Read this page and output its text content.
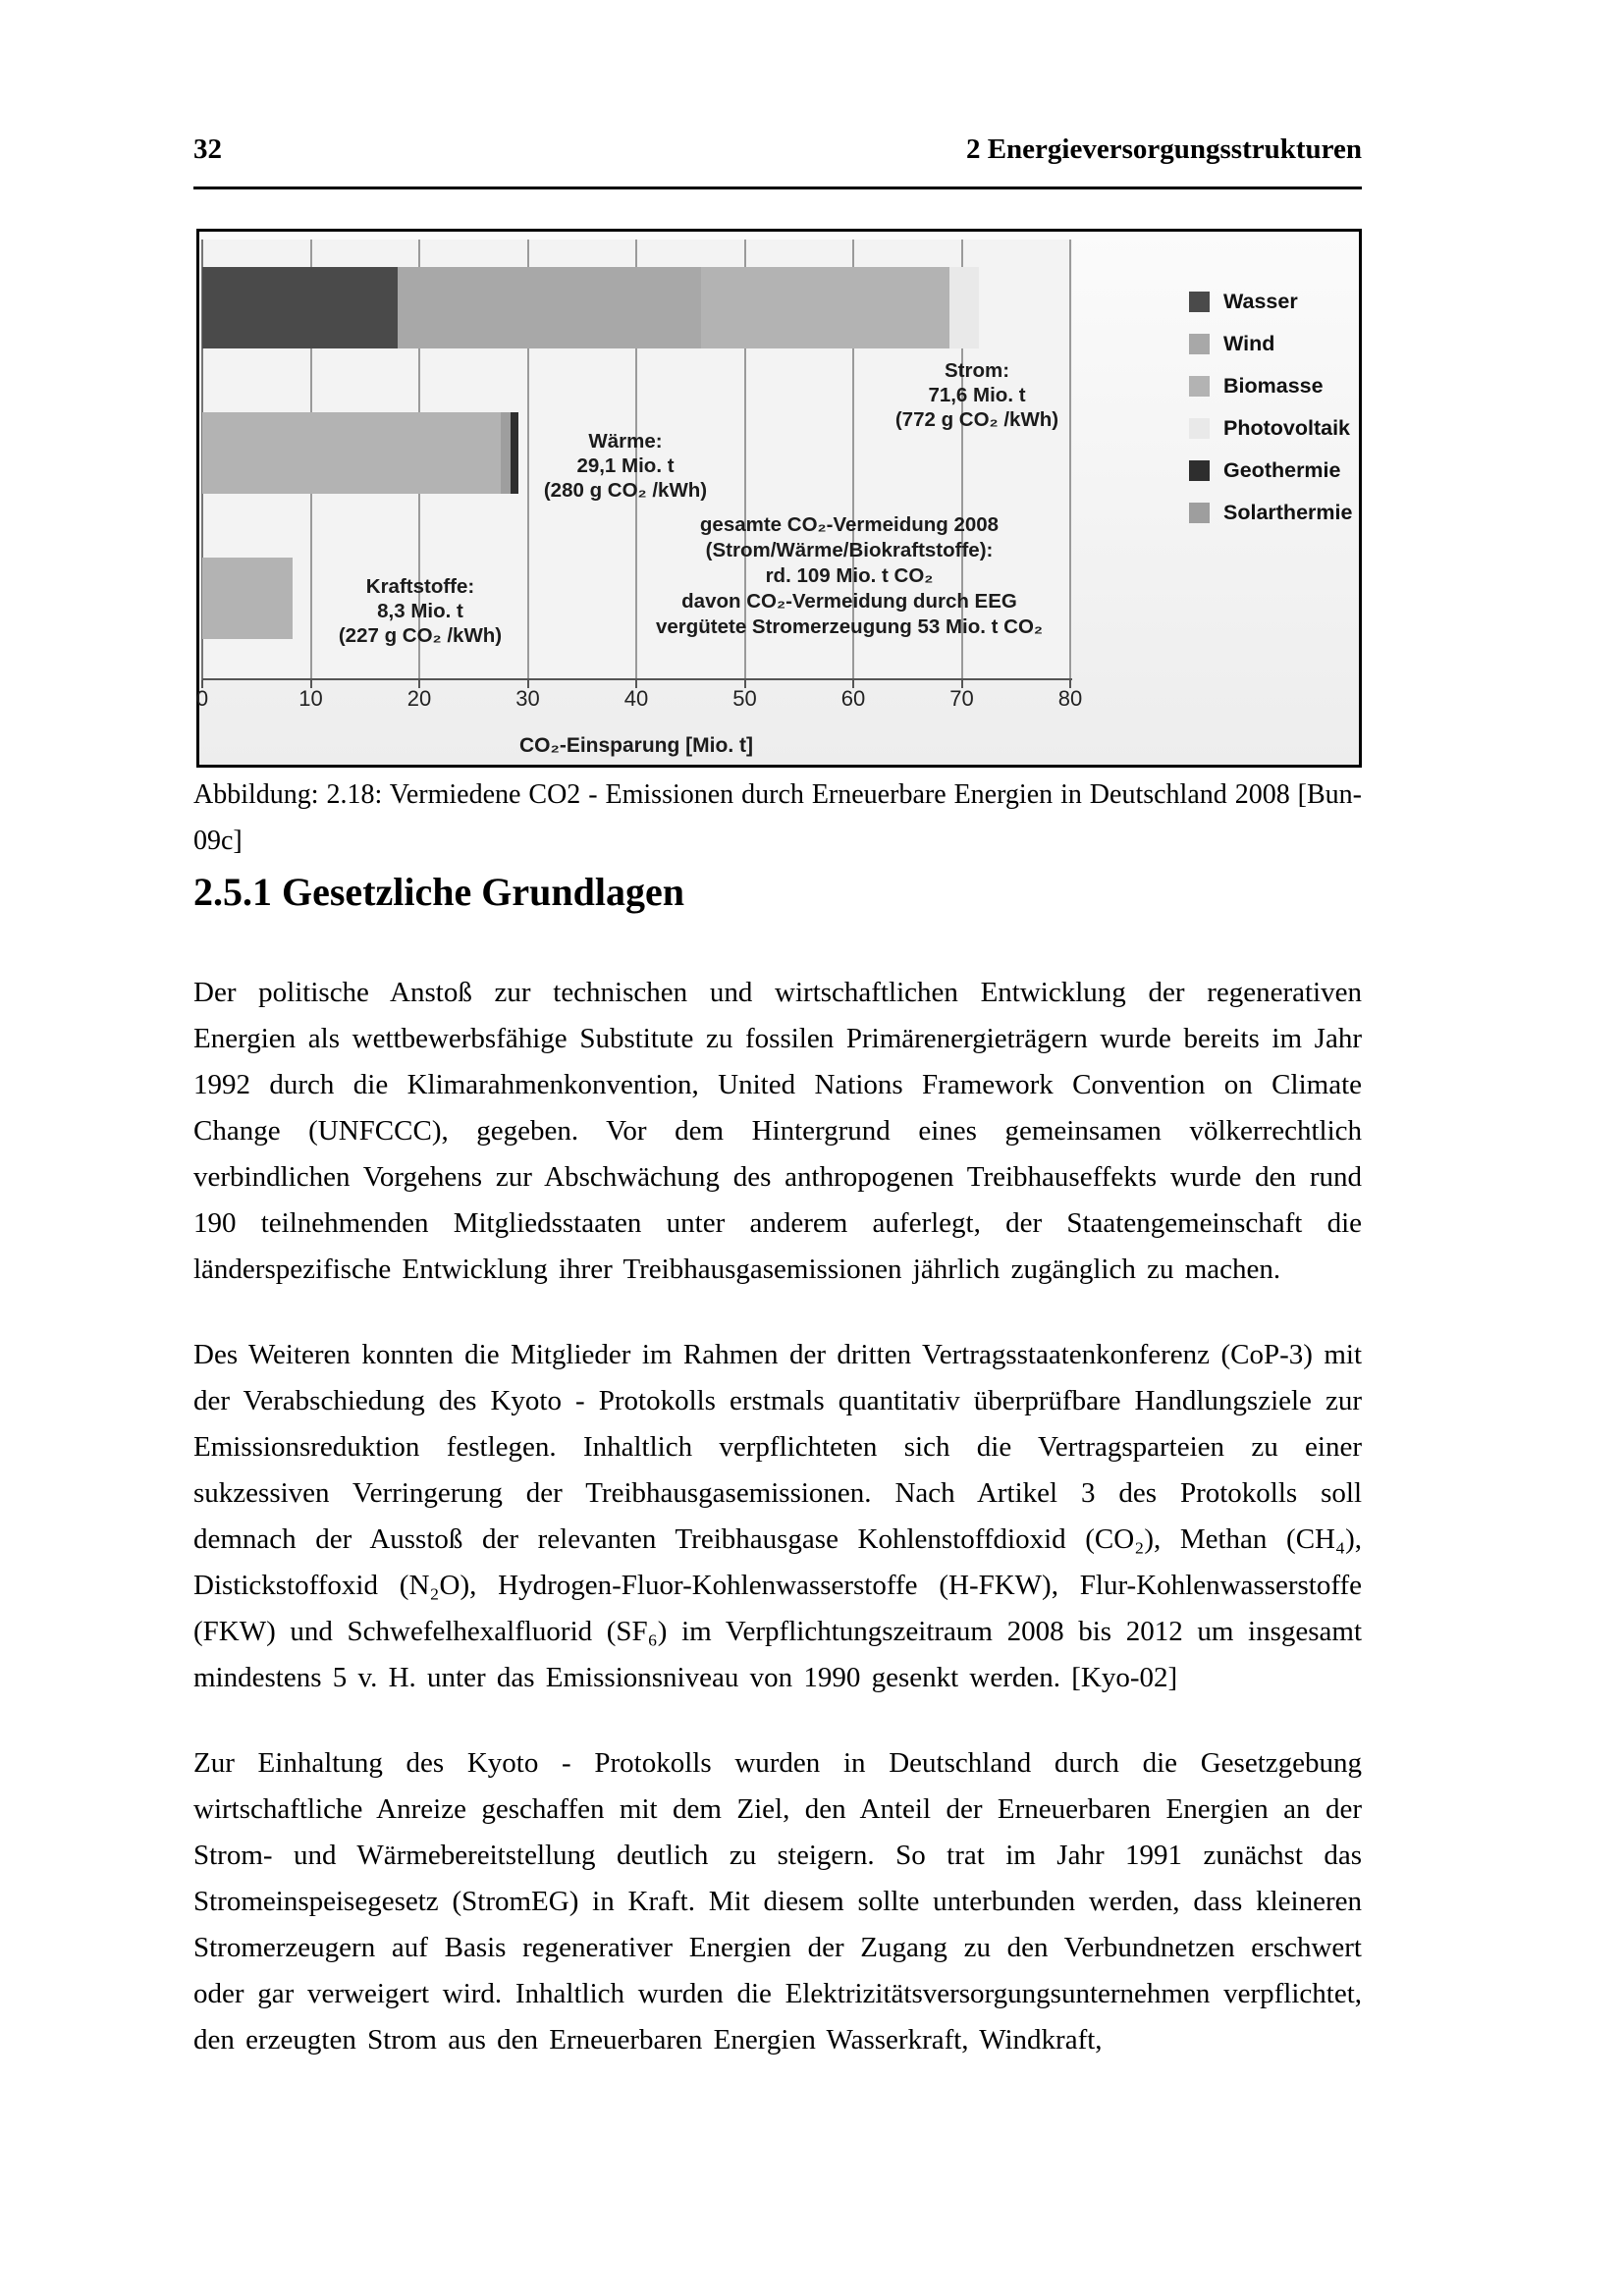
32	2 Energieversorgungsstrukturen
CO₂-Einsparung [Mio. t]
0	10	20	30	40	50	60	70	80
Strom:
71,6 Mio. t
(772 g CO₂ /kWh)
Wärme:
29,1 Mio. t
(280 g CO₂ /kWh)
Kraftstoffe:
8,3 Mio. t
(227 g CO₂ /kWh)
gesamte CO₂-Vermeidung 2008
(Strom/Wärme/Biokraftstoffe):
rd. 109 Mio. t CO₂
davon CO₂-Vermeidung durch EEG
vergütete Stromerzeugung 53 Mio. t CO₂
Wasser
Wind
Biomasse
Photovoltaik
Geothermie
Solarthermie
Abbildung: 2.18: Vermiedene CO2 - Emissionen durch Erneuerbare Energien in Deutschland 2008 [Bun-
09c]
2.5.1 Gesetzliche Grundlagen

Der politische Anstoß zur technischen und wirtschaftlichen Entwicklung der regenerativen Energien als wettbewerbsfähige Substitute zu fossilen Primärenergieträgern wurde bereits im Jahr 1992 durch die Klimarahmenkonvention, United Nations Framework Convention on Climate Change (UNFCCC), gegeben. Vor dem Hintergrund eines gemeinsamen völkerrechtlich verbindlichen Vorgehens zur Abschwächung des anthropogenen Treibhauseffekts wurde den rund 190 teilnehmenden Mitgliedsstaaten unter anderem auferlegt, der Staatengemeinschaft die länderspezifische Entwicklung ihrer Treibhausgasemissionen jährlich zugänglich zu machen.

Des Weiteren konnten die Mitglieder im Rahmen der dritten Vertragsstaatenkonferenz (CoP-3) mit der Verabschiedung des Kyoto - Protokolls erstmals quantitativ überprüfbare Handlungsziele zur Emissionsreduktion festlegen. Inhaltlich verpflichteten sich die Vertragsparteien zu einer sukzessiven Verringerung der Treibhausgasemissionen. Nach Artikel 3 des Protokolls soll demnach der Ausstoß der relevanten Treibhausgase Kohlenstoffdioxid (CO₂), Methan (CH₄), Distickstoffoxid (N₂O), Hydrogen-Fluor-Kohlenwasserstoffe (H-FKW), Flur-Kohlenwasserstoffe (FKW) und Schwefelhexalfluorid (SF₆) im Verpflichtungszeitraum 2008 bis 2012 um insgesamt mindestens 5 v. H. unter das Emissionsniveau von 1990 gesenkt werden. [Kyo-02]

Zur Einhaltung des Kyoto - Protokolls wurden in Deutschland durch die Gesetzgebung wirtschaftliche Anreize geschaffen mit dem Ziel, den Anteil der Erneuerbaren Energien an der Strom- und Wärmebereitstellung deutlich zu steigern. So trat im Jahr 1991 zunächst das Stromeinspeisegesetz (StromEG) in Kraft. Mit diesem sollte unterbunden werden, dass kleineren Stromerzeugern auf Basis regenerativer Energien der Zugang zu den Verbundnetzen erschwert oder gar verweigert wird. Inhaltlich wurden die Elektrizitätsversorgungsunternehmen verpflichtet, den erzeugten Strom aus den Erneuerbaren Energien Wasserkraft, Windkraft,
